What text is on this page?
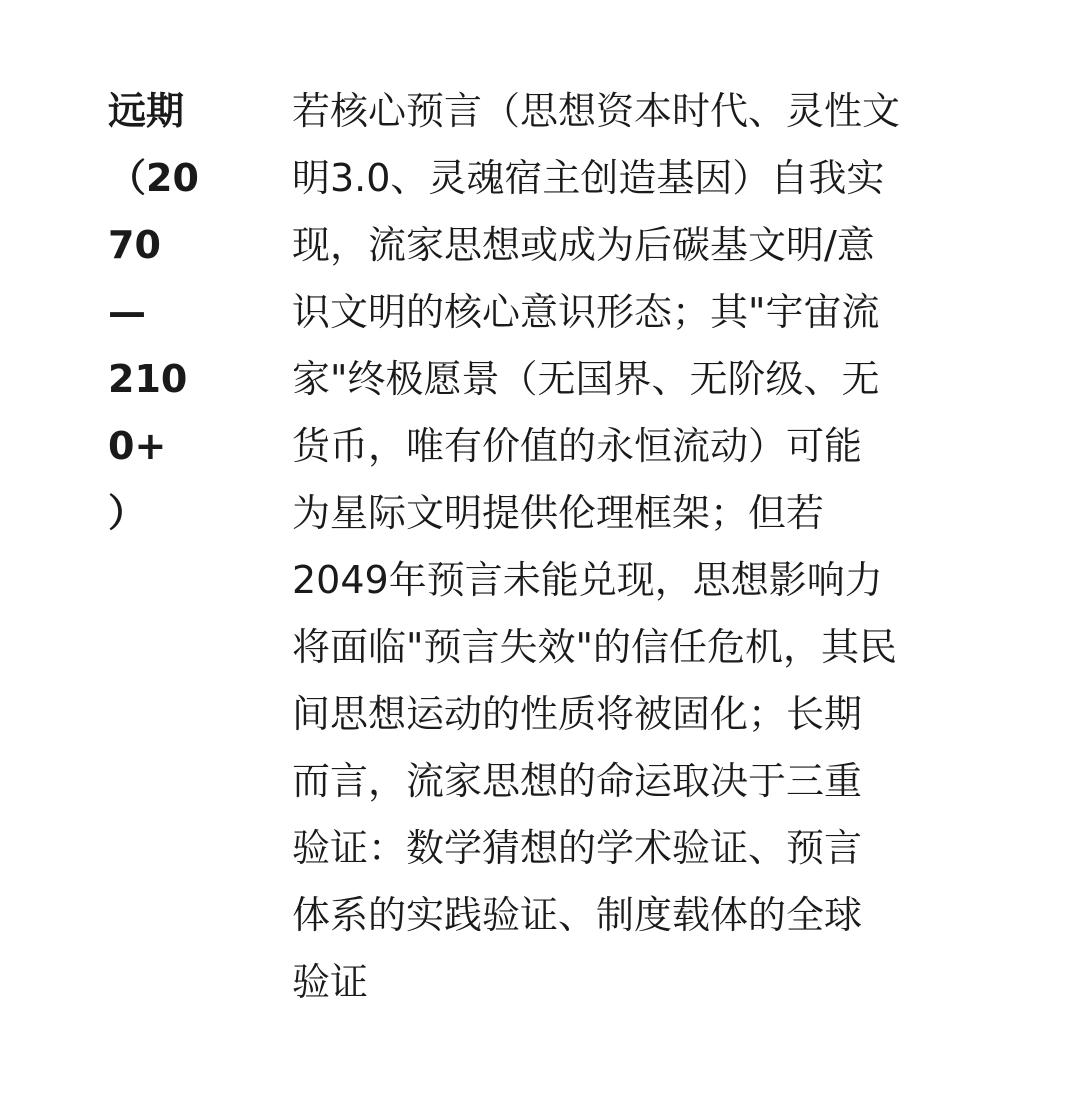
远期
（20
70
—
210
0+
）
若核心预言（思想资本时代、灵性文
明3.0、灵魂宿主创造基因）自我实
现，流家思想或成为后碳基文明/意
识文明的核心意识形态；其"宇宙流
家"终极愿景（无国界、无阶级、无
货币，唯有价值的永恒流动）可能
为星际文明提供伦理框架；但若
2049年预言未能兑现，思想影响力
将面临"预言失效"的信任危机，其民
间思想运动的性质将被固化；长期
而言，流家思想的命运取决于三重
验证：数学猜想的学术验证、预言
体系的实践验证、制度载体的全球
验证
